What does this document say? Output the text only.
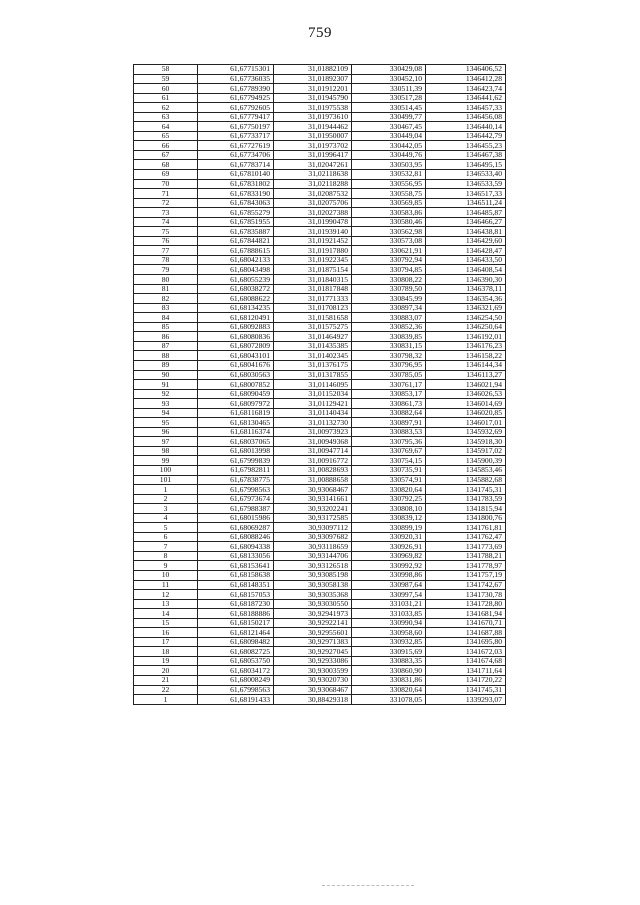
759
58	61,67715301	31,01882109	330429,08	1346406,52
59	61,67736035	31,01892307	330452,10	1346412,28
60	61,67789390	31,01912201	330511,39	1346423,74
61	61,67794925	31,01945790	330517,28	1346441,62
62	61,67792605	31,01975538	330514,45	1346457,33
63	61,67779417	31,01973610	330499,77	1346456,08
64	61,67750197	31,01944462	330467,45	1346440,14
65	61,67733717	31,01950007	330449,04	1346442,79
66	61,67727619	31,01973702	330442,05	1346455,23
67	61,67734706	31,01996417	330449,76	1346467,38
68	61,67783714	31,02047261	330503,95	1346495,15
69	61,67810140	31,02118638	330532,81	1346533,40
70	61,67831802	31,02118288	330556,95	1346533,59
71	61,67833190	31,02087532	330558,75	1346517,33
72	61,67843063	31,02075706	330569,85	1346511,24
73	61,67855279	31,02027388	330583,86	1346485,87
74	61,67851955	31,01990478	330580,46	1346466,27
75	61,67835887	31,01939140	330562,98	1346438,81
76	61,67844821	31,01921452	330573,08	1346429,60
77	61,67888615	31,01917880	330621,91	1346428,47
78	61,68042133	31,01922345	330792,94	1346433,50
79	61,68043498	31,01875154	330794,85	1346408,54
80	61,68055239	31,01840315	330808,22	1346390,30
81	61,68038272	31,01817848	330789,50	1346378,11
82	61,68088622	31,01771333	330845,99	1346354,36
83	61,68134235	31,01708123	330897,34	1346321,69
84	61,68120491	31,01581658	330883,07	1346254,50
85	61,68092883	31,01575275	330852,36	1346250,64
86	61,68080836	31,01464927	330839,85	1346192,01
87	61,68072809	31,01435385	330831,15	1346176,23
88	61,68043101	31,01402345	330798,32	1346158,22
89	61,68041676	31,01376175	330796,95	1346144,34
90	61,68030563	31,01317855	330785,05	1346113,27
91	61,68007852	31,01146095	330761,17	1346021,94
92	61,68090459	31,01152034	330853,17	1346026,53
93	61,68097972	31,01129421	330861,73	1346014,69
94	61,68116819	31,01140434	330882,64	1346020,85
95	61,68130465	31,01132730	330897,91	1346017,01
96	61,68116374	31,00973923	330883,53	1345932,69
97	61,68037065	31,00949368	330795,36	1345918,30
98	61,68013998	31,00947714	330769,67	1345917,02
99	61,67999839	31,00916772	330754,15	1345900,39
100	61,67982811	31,00828693	330735,91	1345853,46
101	61,67838775	31,00888658	330574,91	1345882,68
1	61,67998563	30,93068467	330820,64	1341745,31
2	61,67973674	30,93141661	330792,25	1341783,59
3	61,67988387	30,93202241	330808,10	1341815,94
4	61,68015986	30,93172585	330839,12	1341800,76
5	61,68069287	30,93097112	330899,19	1341761,81
6	61,68088246	30,93097682	330920,31	1341762,47
7	61,68094338	30,93118659	330926,91	1341773,69
8	61,68133056	30,93144706	330969,82	1341788,21
9	61,68153641	30,93126518	330992,92	1341778,97
10	61,68158638	30,93085198	330998,86	1341757,19
11	61,68148351	30,93058138	330987,64	1341742,67
12	61,68157053	30,93035368	330997,54	1341730,78
13	61,68187230	30,93030550	331031,21	1341728,80
14	61,68188886	30,92941973	331033,85	1341681,94
15	61,68150217	30,92922141	330990,94	1341670,71
16	61,68121464	30,92955601	330958,60	1341687,88
17	61,68098482	30,92971383	330932,85	1341695,80
18	61,68082725	30,92927045	330915,69	1341672,03
19	61,68053750	30,92933086	330883,35	1341674,68
20	61,68034172	30,93003599	330860,90	1341711,64
21	61,68008249	30,93020730	330831,86	1341720,22
22	61,67998563	30,93068467	330820,64	1341745,31
1	61,68191433	30,88429318	331078,05	1339293,07
